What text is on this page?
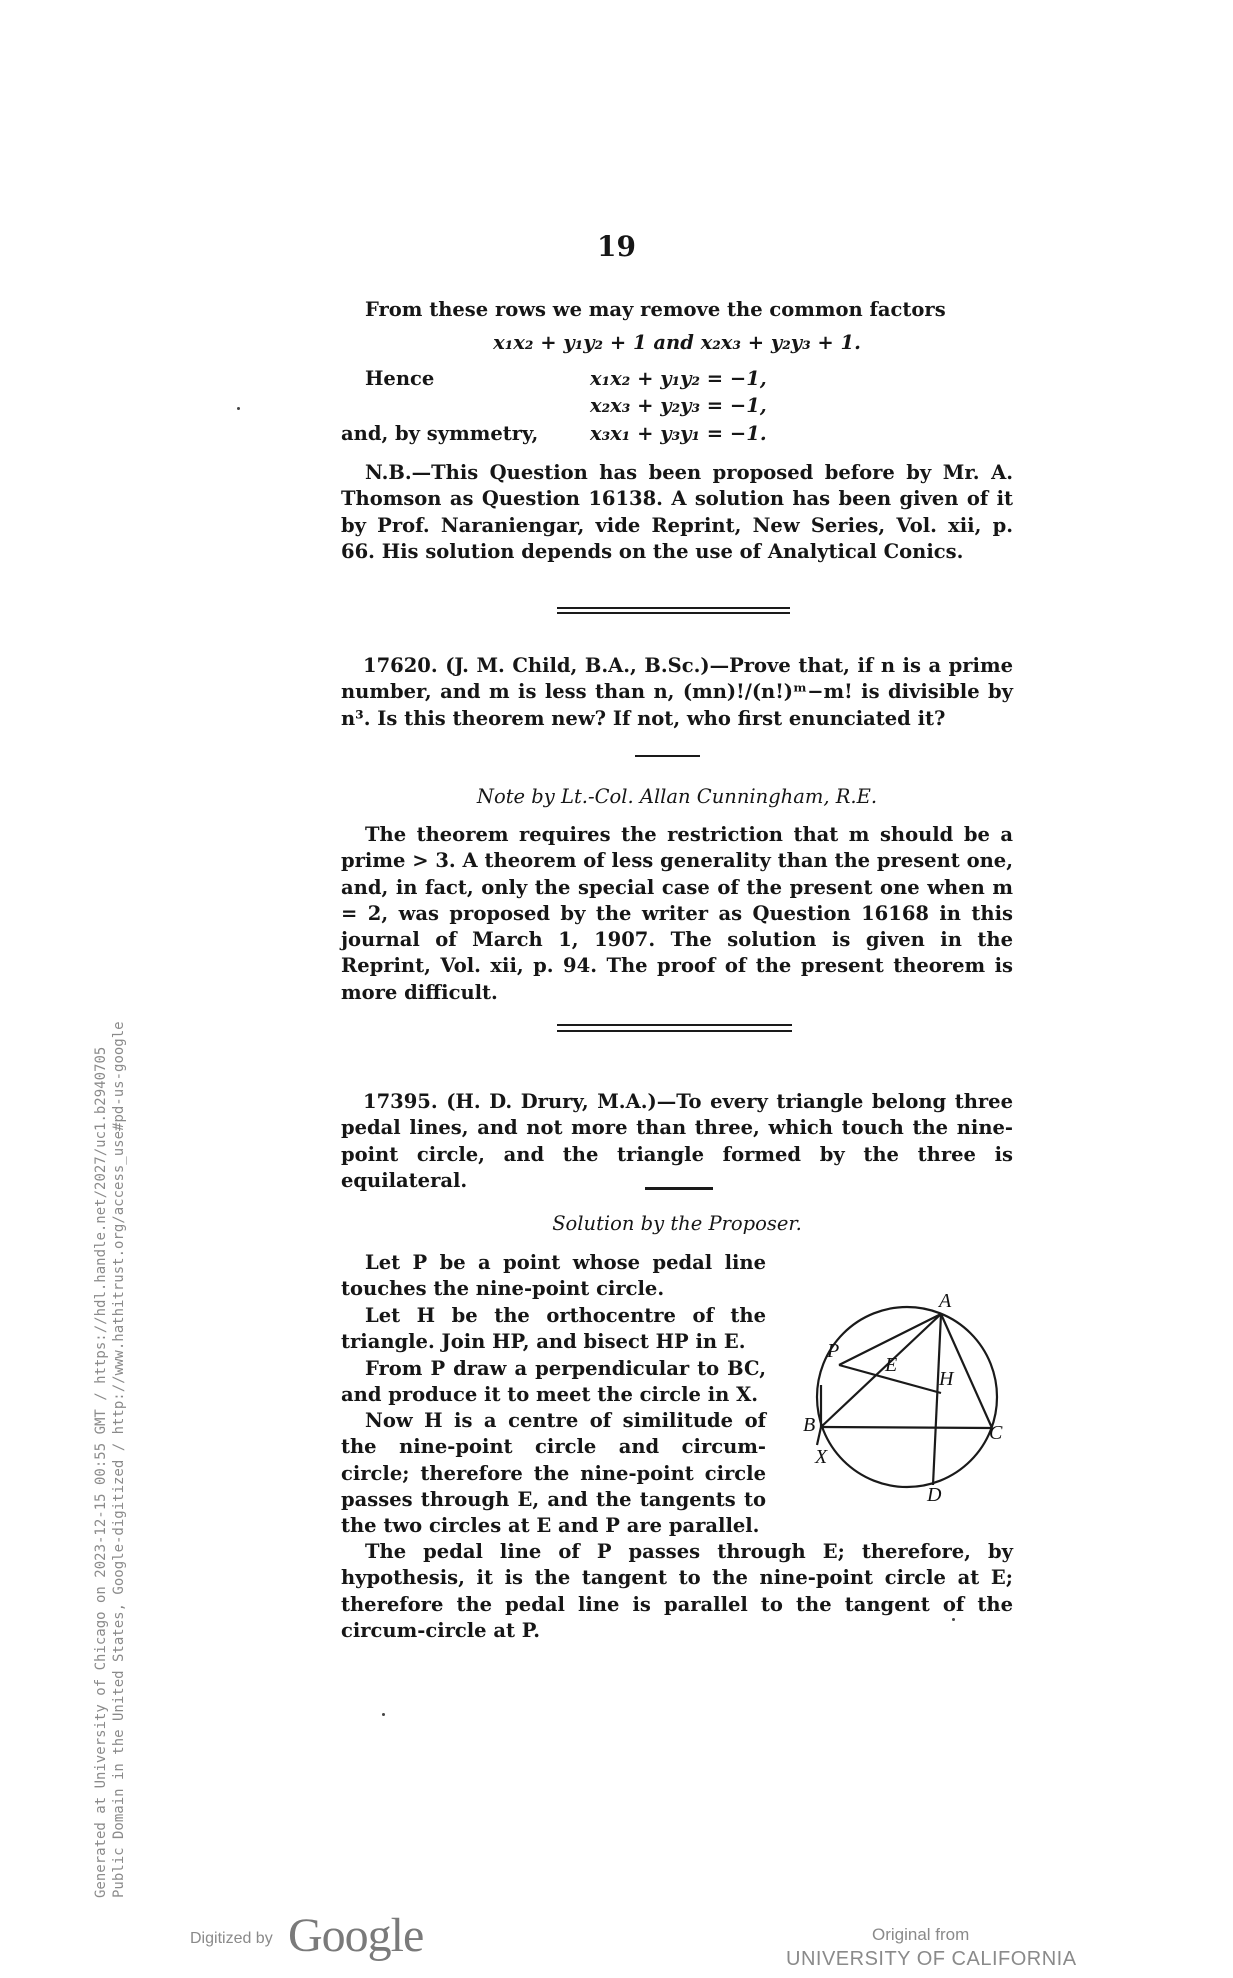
19
From these rows we may remove the common factors
x₁x₂ + y₁y₂ + 1 and x₂x₃ + y₂y₃ + 1.
Hence	x₁x₂ + y₁y₂ = −1,
x₂x₃ + y₂y₃ = −1,
and, by symmetry,	x₃x₁ + y₃y₁ = −1.
N.B.—This Question has been proposed before by Mr. A. Thomson as Question 16138. A solution has been given of it by Prof. Naraniengar, vide Reprint, New Series, Vol. xii, p. 66. His solution depends on the use of Analytical Conics.
17620. (J. M. Child, B.A., B.Sc.)—Prove that, if n is a prime number, and m is less than n, (mn)!/(n!)ᵐ−m! is divisible by n³. Is this theorem new? If not, who first enunciated it?
Note by Lt.-Col. Allan Cunningham, R.E.
The theorem requires the restriction that m should be a prime > 3. A theorem of less generality than the present one, and, in fact, only the special case of the present one when m = 2, was proposed by the writer as Question 16168 in this journal of March 1, 1907. The solution is given in the Reprint, Vol. xii, p. 94. The proof of the present theorem is more difficult.
17395. (H. D. Drury, M.A.)—To every triangle belong three pedal lines, and not more than three, which touch the nine-point circle, and the triangle formed by the three is equilateral.
Solution by the Proposer.
Let P be a point whose pedal line touches the nine-point circle.
Let H be the orthocentre of the triangle. Join HP, and bisect HP in E.
From P draw a perpendicular to BC, and produce it to meet the circle in X.
Now H is a centre of similitude of the nine-point circle and circum-circle; therefore the nine-point circle passes through E, and the tangents to the two circles at E and P are parallel.
The pedal line of P passes through E; therefore, by hypothesis, it is the tangent to the nine-point circle at E; therefore the pedal line is parallel to the tangent of the circum-circle at P.
A
P
E
H
B	C
X
D
Generated at University of Chicago on 2023-12-15 00:55 GMT / https://hdl.handle.net/2027/uc1.b2940705 Public Domain in the United States, Google-digitized / http://www.hathitrust.org/access_use#pd-us-google
Digitized by Google	Original from
UNIVERSITY OF CALIFORNIA
